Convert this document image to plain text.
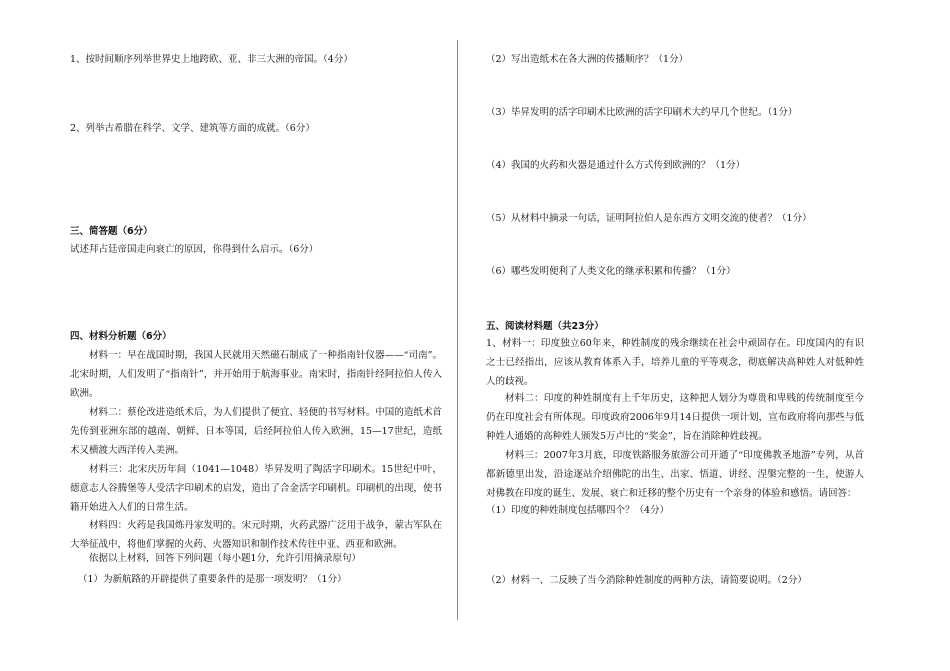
1、按时间顺序列举世界史上地跨欧、亚、非三大洲的帝国。（4分）
2、列举古希腊在科学、文学、建筑等方面的成就。（6分）
三、简答题（6分）
试述拜占廷帝国走向衰亡的原因，你得到什么启示。（6分）
四、材料分析题（6分）
材料一：早在战国时期，我国人民就用天然磁石制成了一种指南针仪器——“司南”。北宋时期，人们发明了“指南针”，并开始用于航海事业。南宋时，指南针经阿拉伯人传入欧洲。
材料二：蔡伦改进造纸术后，为人们提供了便宜、轻便的书写材料。中国的造纸术首先传到亚洲东部的越南、朝鲜、日本等国，后经阿拉伯人传入欧洲，15—17世纪，造纸术又横渡大西洋传入美洲。
材料三：北宋庆历年间（1041—1048）毕昇发明了陶活字印刷术。15世纪中叶，德意志人谷腾堡等人受活字印刷术的启发，造出了合金活字印刷机。印刷机的出现，使书籍开始进入人们的日常生活。
材料四：火药是我国炼丹家发明的。宋元时期，火药武器广泛用于战争，蒙古军队在大举征战中，将他们掌握的火药、火器知识和制作技术传往中亚、西亚和欧洲。
依据以上材料，回答下列问题（每小题1分，允许引用摘录原句）
（1）为新航路的开辟提供了重要条件的是那一项发明？（1分）
（2）写出造纸术在各大洲的传播顺序？（1分）
（3）毕昇发明的活字印刷术比欧洲的活字印刷术大约早几个世纪。（1分）
（4）我国的火药和火器是通过什么方式传到欧洲的？（1分）
（5）从材料中摘录一句话，证明阿拉伯人是东西方文明交流的使者？（1分）
（6）哪些发明便利了人类文化的继承积累和传播？（1分）
五、阅读材料题（共23分）
1、材料一：印度独立60年来，种姓制度的残余继续在社会中顽固存在。印度国内的有识之士已经指出，应该从教育体系入手，培养儿童的平等观念，彻底解决高种姓人对低种姓人的歧视。
材料二：印度的种姓制度有上千年历史，这种把人划分为尊贵和卑贱的传统制度至今仍在印度社会有所体现。印度政府2006年9月14日提供一项计划，宣布政府将向那些与低种姓人通婚的高种姓人颁发5万卢比的“奖金”，旨在消除种姓歧视。
材料三：2007年3月底，印度铁路服务旅游公司开通了“印度佛教圣地游”专列，从首都新德里出发，沿途逐站介绍佛陀的出生、出家、悟道、讲经、涅槃完整的一生，使游人对佛教在印度的诞生、发展、衰亡和迁移的整个历史有一个亲身的体验和感悟。请回答：
（1）印度的种姓制度包括哪四个？（4分）
（2）材料一、二反映了当今消除种姓制度的两种方法，请简要说明。（2分）
